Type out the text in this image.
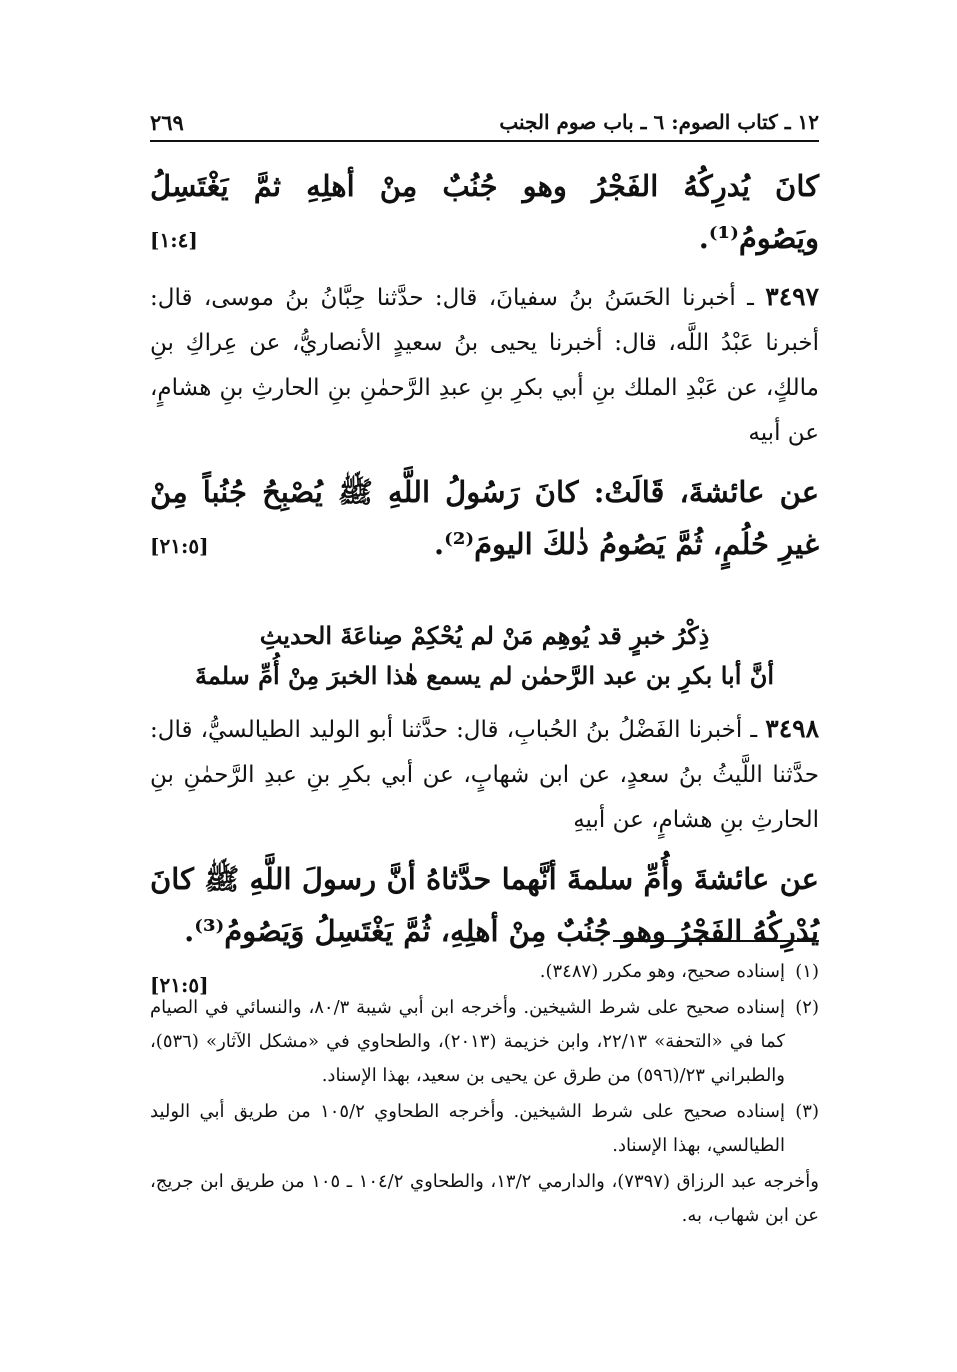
١٢ ـ كتاب الصوم: ٦ ـ باب صوم الجنب
٢٦٩

كانَ يُدرِكُهُ الفَجْرُ وهو جُنُبٌ مِنْ أهلِهِ ثمَّ يَغْتَسِلُ ويَصُومُ⁽¹⁾.
[١:٤]

٣٤٩٧ ـ أخبرنا الحَسَنُ بنُ سفيانَ، قال: حدَّثنا حِبَّانُ بنُ موسى، قال: أخبرنا عَبْدُ اللَّه، قال: أخبرنا يحيى بنُ سعيدٍ الأنصاريُّ، عن عِراكِ بنِ مالكٍ، عن عَبْدِ الملك بنِ أبي بكرِ بنِ عبدِ الرَّحمٰنِ بنِ الحارثِ بنِ هشامٍ، عن أبيه

عن عائشةَ، قَالَتْ: كانَ رَسُولُ اللَّهِ ﷺ يُصْبِحُ جُنُباً مِنْ غيرِ حُلُمٍ، ثُمَّ يَصُومُ ذٰلكَ اليومَ⁽²⁾.
[٢١:٥]

ذِكْرُ خبرٍ قد يُوهِم مَنْ لم يُحْكِمْ صِناعَةَ الحديثِ
أنَّ أبا بكرِ بن عبد الرَّحمٰن لم يسمع هٰذا الخبرَ مِنْ أُمِّ سلمةَ

٣٤٩٨ ـ أخبرنا الفَضْلُ بنُ الحُبابِ، قال: حدَّثنا أبو الوليد الطيالسيُّ، قال: حدَّثنا اللَّيثُ بنُ سعدٍ، عن ابن شهابٍ، عن أبي بكرِ بنِ عبدِ الرَّحمٰنِ بنِ الحارثِ بنِ هشامٍ، عن أبيهِ

عن عائشةَ وأُمِّ سلمةَ أنَّهما حدَّثاهُ أنَّ رسولَ اللَّهِ ﷺ كانَ يُدْرِكُهُ الفَجْرُ وهو جُنُبٌ مِنْ أهلِهِ، ثُمَّ يَغْتَسِلُ وَيَصُومُ⁽³⁾.
[٢١:٥]

(١)
إسناده صحيح، وهو مكرر (٣٤٨٧).

(٢)
إسناده صحيح على شرط الشيخين. وأخرجه ابن أبي شيبة ٨٠/٣، والنسائي في الصيام كما في «التحفة» ٢٢/١٣، وابن خزيمة (٢٠١٣)، والطحاوي في «مشكل الآثار» (٥٣٦)، والطبراني ٢٣/(٥٩٦) من طرق عن يحيى بن سعيد، بهذا الإسناد.

(٣)
إسناده صحيح على شرط الشيخين. وأخرجه الطحاوي ١٠٥/٢ من طريق أبي الوليد الطيالسي، بهذا الإسناد.

وأخرجه عبد الرزاق (٧٣٩٧)، والدارمي ١٣/٢، والطحاوي ١٠٤/٢ ـ ١٠٥ من طريق ابن جريج، عن ابن شهاب، به.
